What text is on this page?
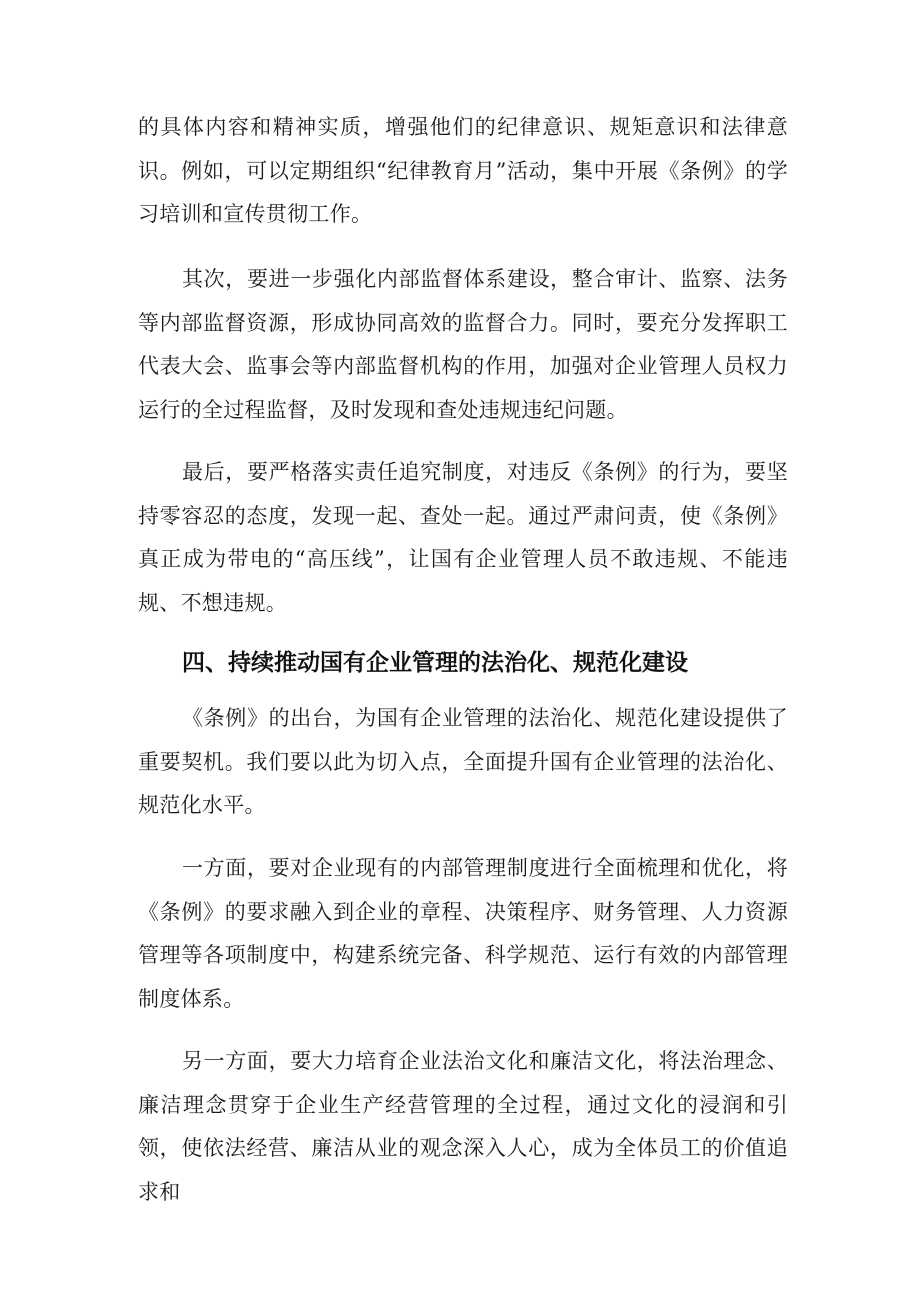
的具体内容和精神实质，增强他们的纪律意识、规矩意识和法律意识。例如，可以定期组织“纪律教育月”活动，集中开展《条例》的学习培训和宣传贯彻工作。

其次，要进一步强化内部监督体系建设，整合审计、监察、法务等内部监督资源，形成协同高效的监督合力。同时，要充分发挥职工代表大会、监事会等内部监督机构的作用，加强对企业管理人员权力运行的全过程监督，及时发现和查处违规违纪问题。

最后，要严格落实责任追究制度，对违反《条例》的行为，要坚持零容忍的态度，发现一起、查处一起。通过严肃问责，使《条例》真正成为带电的“高压线”，让国有企业管理人员不敢违规、不能违规、不想违规。

四、持续推动国有企业管理的法治化、规范化建设

《条例》的出台，为国有企业管理的法治化、规范化建设提供了重要契机。我们要以此为切入点，全面提升国有企业管理的法治化、规范化水平。

一方面，要对企业现有的内部管理制度进行全面梳理和优化，将《条例》的要求融入到企业的章程、决策程序、财务管理、人力资源管理等各项制度中，构建系统完备、科学规范、运行有效的内部管理制度体系。

另一方面，要大力培育企业法治文化和廉洁文化，将法治理念、廉洁理念贯穿于企业生产经营管理的全过程，通过文化的浸润和引领，使依法经营、廉洁从业的观念深入人心，成为全体员工的价值追求和
